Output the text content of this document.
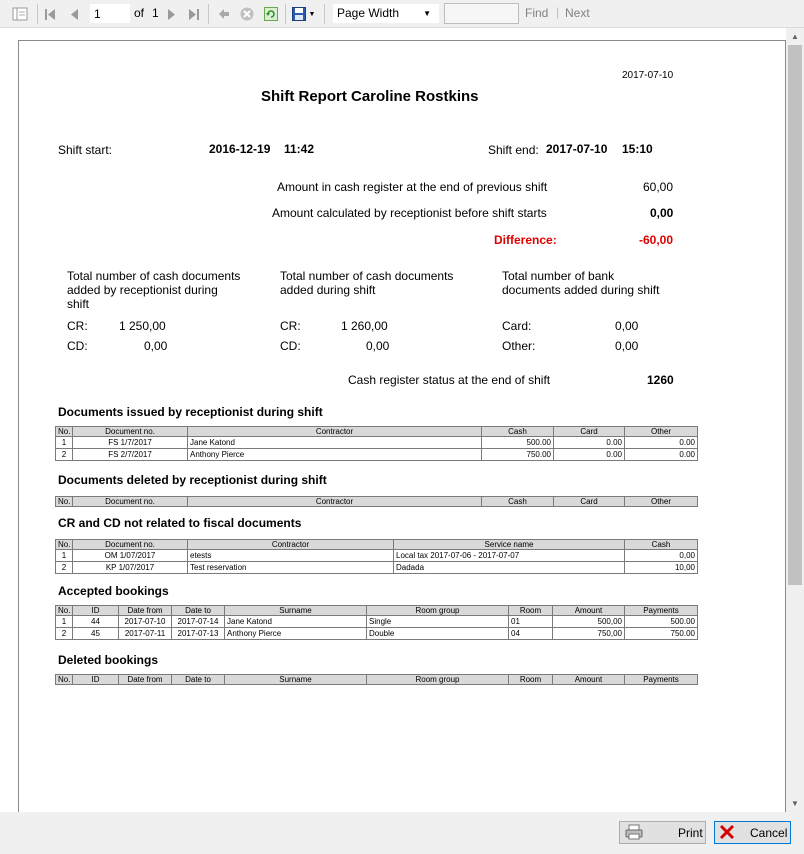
1
of 1	▼	Page Width	▼	Find | Next
2017-07-10
Shift Report Caroline Rostkins
Shift start:	2016-12-19 11:42	Shift end: 2017-07-10 15:10
Amount in cash register at the end of previous shift	60,00
Amount calculated by receptionist before shift starts	0,00
Difference:	-60,00
Total number of cash documents
added by receptionist during
shift
CR:	1 250,00
CD:	0,00
Total number of cash documents
added during shift
CR:	1 260,00
CD:	0,00
Total number of bank
documents added during shift
Card:	0,00
Other:	0,00
Cash register status at the end of shift	1260
Documents issued by receptionist during shift
No.	Document no.	Contractor	Cash	Card	Other
1	FS 1/7/2017	Jane Katond	500.00	0.00	0.00
2	FS 2/7/2017	Anthony Pierce	750.00	0.00	0.00
Documents deleted by receptionist during shift
No.	Document no.	Contractor	Cash	Card	Other
CR and CD not related to fiscal documents
No.	Document no.	Contractor	Service name	Cash
1	OM 1/07/2017	etests	Local tax 2017-07-06 - 2017-07-07	0,00
2	KP 1/07/2017	Test reservation	Dadada	10,00
Accepted bookings
No.	ID	Date from	Date to	Surname	Room group	Room	Amount	Payments
1	44	2017-07-10	2017-07-14	Jane Katond	Single	01	500,00	500.00
2	45	2017-07-11	2017-07-13	Anthony Pierce	Double	04	750,00	750.00
Deleted bookings
No.	ID	Date from	Date to	Surname	Room group	Room	Amount	Payments
▲
▼
Print	Cancel
